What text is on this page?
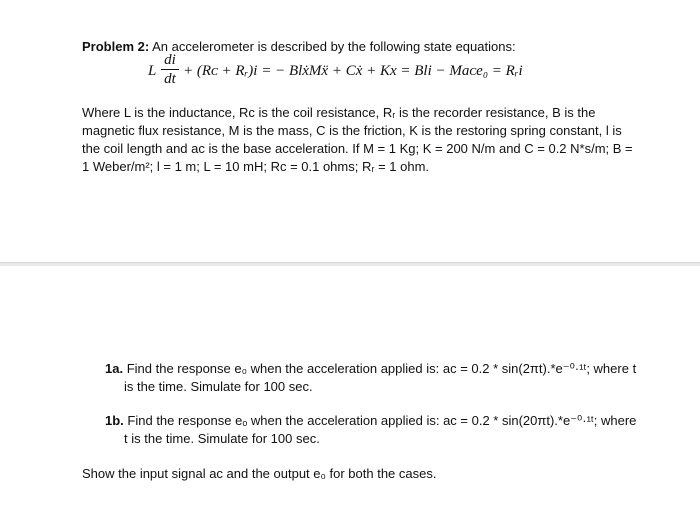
Problem 2: An accelerometer is described by the following state equations:
L
di
dt + (Rᴄ + Rᵣ)i = − BlẋMẍ + Cẋ + Kx = Bli − Maᴄe₀ = Rᵣi
Where L is the inductance, Rᴄ is the coil resistance, Rᵣ is the recorder resistance, B is the
magnetic flux resistance, M is the mass, C is the friction, K is the restoring spring constant, l is
the coil length and aᴄ is the base acceleration. If M = 1 Kg; K = 200 N/m and C = 0.2 N*s/m; B =
1 Weber/m²; l = 1 m; L = 10 mH; Rᴄ = 0.1 ohms; Rᵣ = 1 ohm.
1a. Find the response e₀ when the acceleration applied is: aᴄ = 0.2 * sin(2πt).*e⁻⁰·¹ᵗ; where t
is the time. Simulate for 100 sec.
1b. Find the response eₒ when the acceleration applied is: aᴄ = 0.2 * sin(20πt).*e⁻⁰·¹ᵗ; where
t is the time. Simulate for 100 sec.
Show the input signal aᴄ and the output e₀ for both the cases.
